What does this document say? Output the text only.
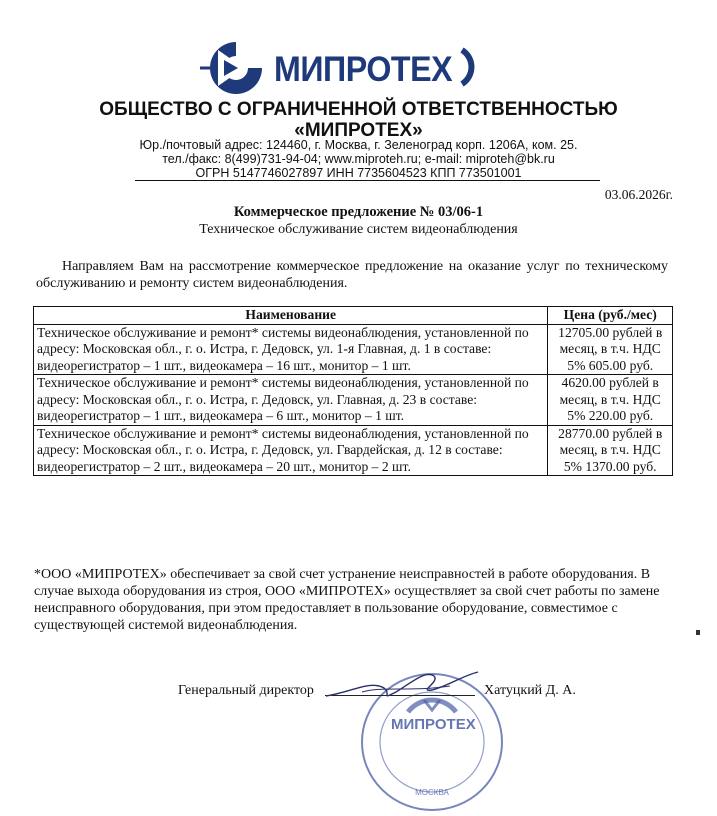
МИПРОТЕХ
ОБЩЕСТВО С ОГРАНИЧЕННОЙ ОТВЕТСТВЕННОСТЬЮ
«МИПРОТЕХ»
Юр./почтовый адрес: 124460, г. Москва, г. Зеленоград корп. 1206А, ком. 25.
тел./факс: 8(499)731-94-04; www.miproteh.ru; e-mail: miproteh@bk.ru
ОГРН 5147746027897 ИНН 7735604523 КПП 773501001
03.06.2026г.
Коммерческое предложение № 03/06-1
Техническое обслуживание систем видеонаблюдения
Направляем Вам на рассмотрение коммерческое предложение на оказание услуг по техническому обслуживанию и ремонту систем видеонаблюдения.
Наименование	Цена (руб./мес)
Техническое обслуживание и ремонт* системы видеонаблюдения, установленной по адресу: Московская обл., г. о. Истра, г. Дедовск, ул. 1-я Главная, д. 1 в составе: видеорегистратор – 1 шт., видеокамера – 16 шт., монитор – 1 шт.	12705.00 рублей в месяц, в т.ч. НДС 5% 605.00 руб.
Техническое обслуживание и ремонт* системы видеонаблюдения, установленной по адресу: Московская обл., г. о. Истра, г. Дедовск, ул. Главная, д. 23 в составе: видеорегистратор – 1 шт., видеокамера – 6 шт., монитор – 1 шт.	4620.00 рублей в месяц, в т.ч. НДС 5% 220.00 руб.
Техническое обслуживание и ремонт* системы видеонаблюдения, установленной по адресу: Московская обл., г. о. Истра, г. Дедовск, ул. Гвардейская, д. 12 в составе: видеорегистратор – 2 шт., видеокамера – 20 шт., монитор – 2 шт.	28770.00 рублей в месяц, в т.ч. НДС 5% 1370.00 руб.
*ООО «МИПРОТЕХ» обеспечивает за свой счет устранение неисправностей в работе оборудования. В случае выхода оборудования из строя, ООО «МИПРОТЕХ» осуществляет за свой счет работы по замене неисправного оборудования, при этом предоставляет в пользование оборудование, совместимое с существующей системой видеонаблюдения.
МИПРОТЕХ
МОСКВА
Генеральный директор	Хатуцкий Д. А.
